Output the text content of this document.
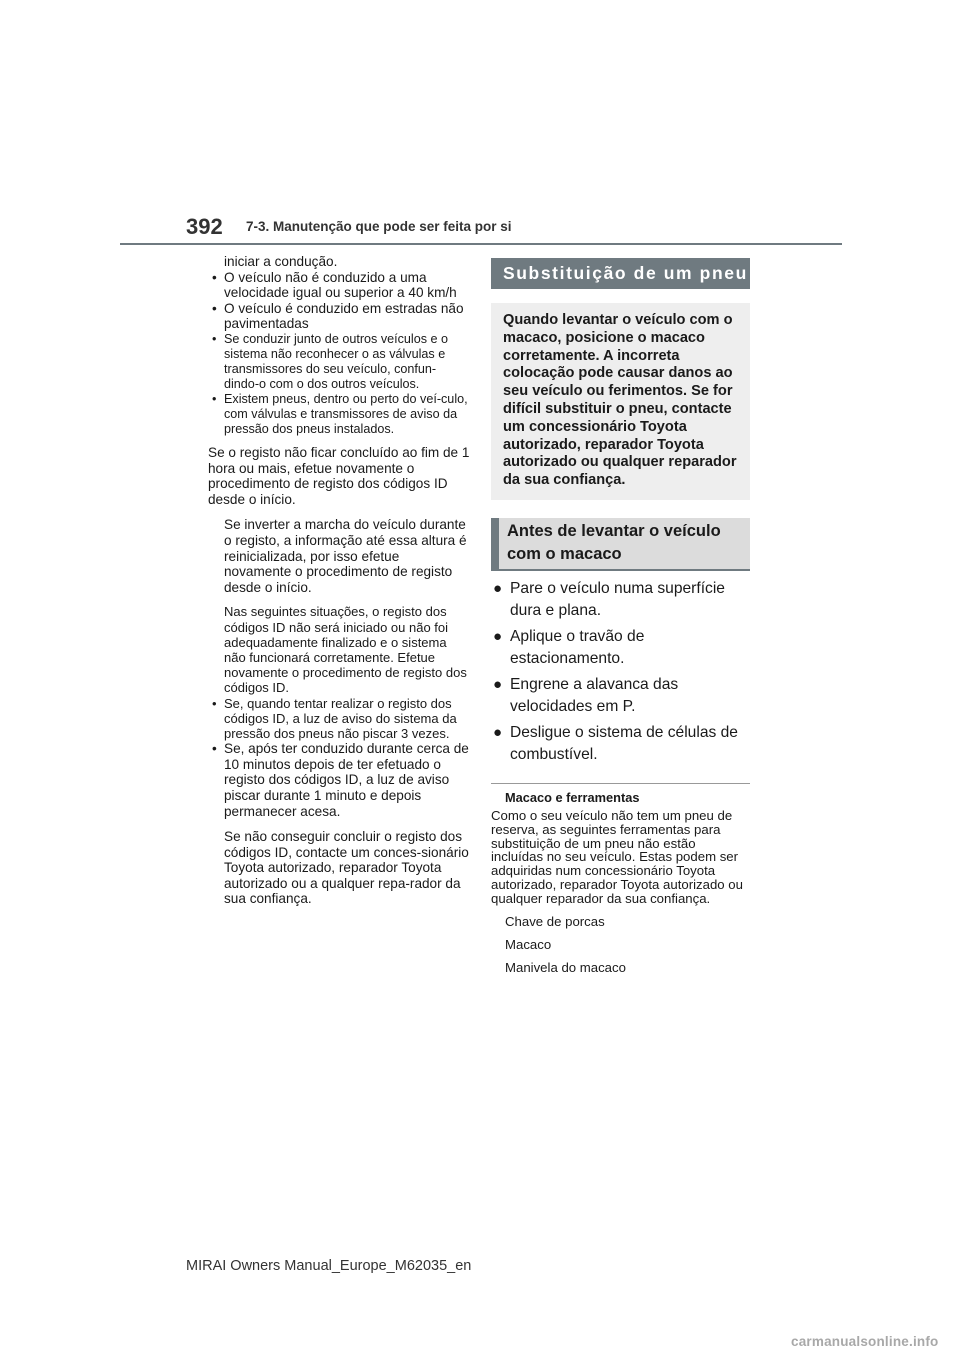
392 7-3. Manutenção que pode ser feita por si

iniciar a condução.

• O veículo não é conduzido a uma velocidade igual ou superior a 40 km/h

• O veículo é conduzido em estradas não pavimentadas

• Se conduzir junto de outros veículos e o sistema não reconhecer o as válvulas e transmissores do seu veículo, confun-dindo-o com o dos outros veículos.

• Existem pneus, dentro ou perto do veí-culo, com válvulas e transmissores de aviso da pressão dos pneus instalados.

Se o registo não ficar concluído ao fim de 1 hora ou mais, efetue novamente o procedimento de registo dos códigos ID desde o início.

Se inverter a marcha do veículo durante o registo, a informação até essa altura é reinicializada, por isso efetue novamente o procedimento de registo desde o início.

Nas seguintes situações, o registo dos códigos ID não será iniciado ou não foi adequadamente finalizado e o sistema não funcionará corretamente. Efetue novamente o procedimento de registo dos códigos ID.

• Se, quando tentar realizar o registo dos códigos ID, a luz de aviso do sistema da pressão dos pneus não piscar 3 vezes.

• Se, após ter conduzido durante cerca de 10 minutos depois de ter efetuado o registo dos códigos ID, a luz de aviso piscar durante 1 minuto e depois permanecer acesa.

Se não conseguir concluir o registo dos códigos ID, contacte um conces-sionário Toyota autorizado, reparador Toyota autorizado ou a qualquer repa-rador da sua confiança.

Substituição de um pneu
Quando levantar o veículo com o macaco, posicione o macaco corretamente. A incorreta colocação pode causar danos ao seu veículo ou ferimentos. Se for difícil substituir o pneu, contacte um concessionário Toyota autorizado, reparador Toyota autorizado ou qualquer reparador da sua confiança.
Antes de levantar o veículo com o macaco
● Pare o veículo numa superfície dura e plana.
● Aplique o travão de estacionamento.
● Engrene a alavanca das velocidades em P.
● Desligue o sistema de células de combustível.
Macaco e ferramentas
Como o seu veículo não tem um pneu de reserva, as seguintes ferramentas para substituição de um pneu não estão incluídas no seu veículo. Estas podem ser adquiridas num concessionário Toyota autorizado, reparador Toyota autorizado ou qualquer reparador da sua confiança.
Chave de porcas
Macaco
Manivela do macaco
MIRAI Owners Manual_Europe_M62035_en
carmanualsonline.info
